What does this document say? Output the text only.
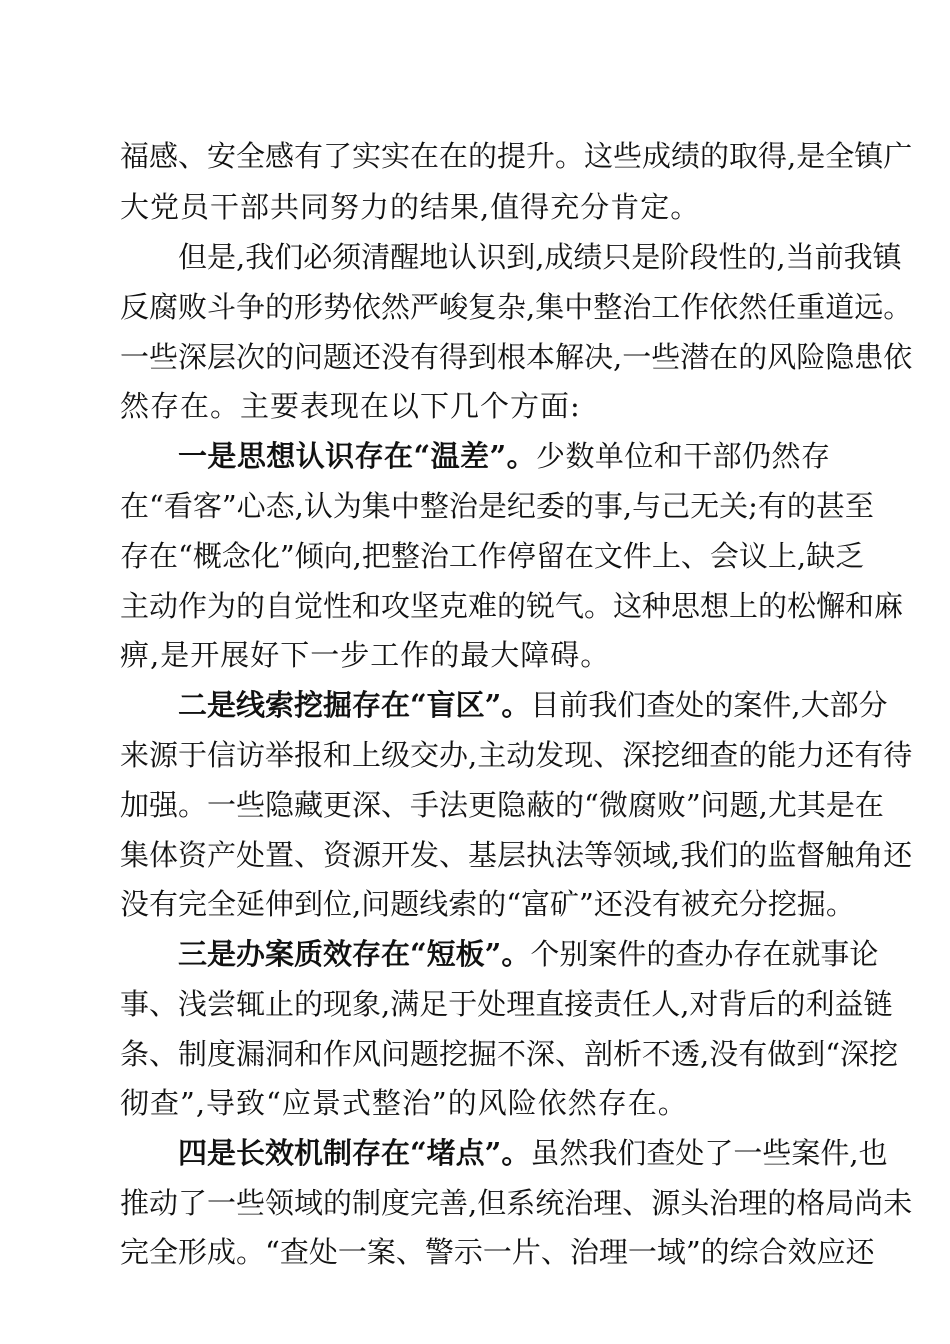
福感、安全感有了实实在在的提升。这些成绩的取得,是全镇广
大党员干部共同努力的结果,值得充分肯定。
但是,我们必须清醒地认识到,成绩只是阶段性的,当前我镇
反腐败斗争的形势依然严峻复杂,集中整治工作依然任重道远。
一些深层次的问题还没有得到根本解决,一些潜在的风险隐患依
然存在。主要表现在以下几个方面:
一是思想认识存在“温差”。少数单位和干部仍然存
在“看客”心态,认为集中整治是纪委的事,与己无关;有的甚至
存在“概念化”倾向,把整治工作停留在文件上、会议上,缺乏
主动作为的自觉性和攻坚克难的锐气。这种思想上的松懈和麻
痹,是开展好下一步工作的最大障碍。
二是线索挖掘存在“盲区”。目前我们查处的案件,大部分
来源于信访举报和上级交办,主动发现、深挖细查的能力还有待
加强。一些隐藏更深、手法更隐蔽的“微腐败”问题,尤其是在
集体资产处置、资源开发、基层执法等领域,我们的监督触角还
没有完全延伸到位,问题线索的“富矿”还没有被充分挖掘。
三是办案质效存在“短板”。个别案件的查办存在就事论
事、浅尝辄止的现象,满足于处理直接责任人,对背后的利益链
条、制度漏洞和作风问题挖掘不深、剖析不透,没有做到“深挖
彻查”,导致“应景式整治”的风险依然存在。
四是长效机制存在“堵点”。虽然我们查处了一些案件,也
推动了一些领域的制度完善,但系统治理、源头治理的格局尚未
完全形成。“查处一案、警示一片、治理一域”的综合效应还
